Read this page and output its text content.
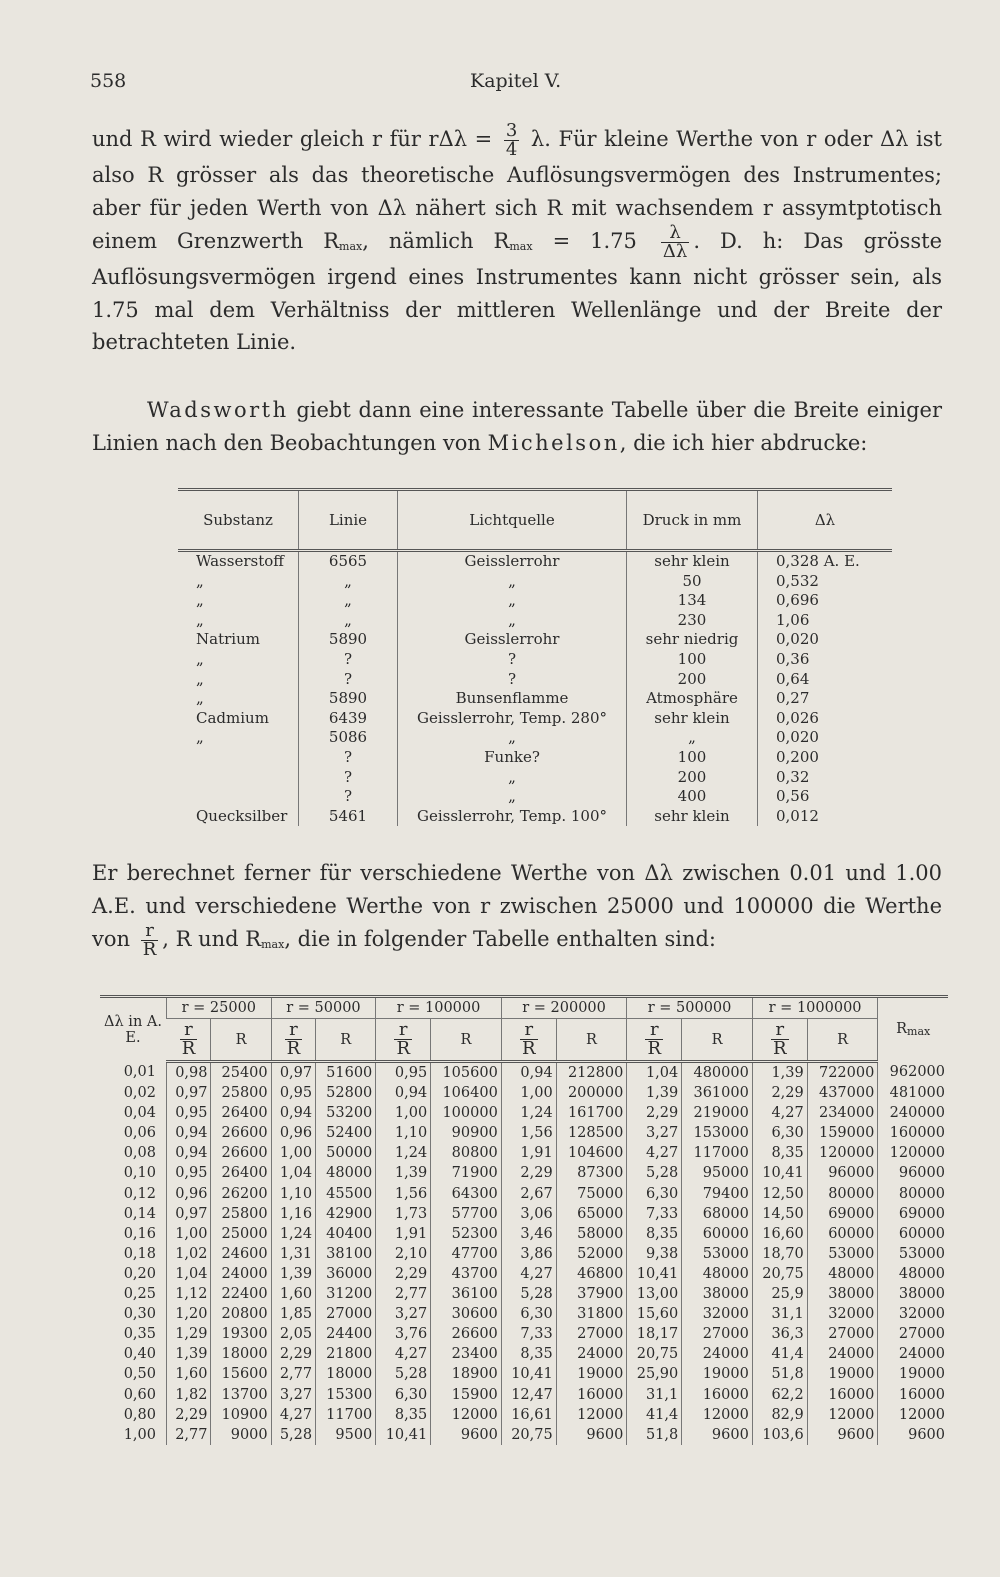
558	Kapitel V.
und R wird wieder gleich r für $r\Delta\lambda = \frac{3}{4} \lambda$. Für kleine Werthe von r oder Δλ ist also R grösser als das theoretische Auflösungsvermögen des Instrumentes; aber für jeden Werth von Δλ nähert sich R mit wachsendem r assymtptotisch einem Grenzwerth Rmax, nämlich $Rmax = 1.75 \frac{\lambda}{\Delta\lambda}$ . D. h: Das grösste Auflösungsvermögen irgend eines Instrumentes kann nicht grösser sein, als 1.75 mal dem Verhältniss der mittleren Wellenlänge und der Breite der betrachteten Linie.
Wadsworth giebt dann eine interessante Tabelle über die Breite einiger Linien nach den Beobachtungen von Michelson, die ich hier abdrucke:
Substanz	Linie	Lichtquelle	Druck in mm	Δλ
Wasserstoff	6565	Geisslerrohr	sehr klein	0,328 A. E.
„	„	„	50	0,532
„	„	„	134	0,696
„	„	„	230	1,06
Natrium	5890	Geisslerrohr	sehr niedrig	0,020
„	?	?	100	0,36
„	?	?	200	0,64
„	5890	Bunsenflamme	Atmosphäre	0,27
Cadmium	6439	Geisslerrohr, Temp. 280°	sehr klein	0,026
„	5086	„	„	0,020
	?	Funke?	100	0,200
	?	„	200	0,32
	?	„	400	0,56
Quecksilber	5461	Geisslerrohr, Temp. 100°	sehr klein	0,012
Er berechnet ferner für verschiedene Werthe von Δλ zwischen 0.01 und 1.00 A.E. und verschiedene Werthe von r zwischen 25000 und 100000 die Werthe von $\frac{r}{R}$ , R und Rmax, die in folgender Tabelle enthalten sind:
Δλ in A. E.	r = 25000		r = 50000		r = 100000		r = 200000		r = 500000		r = 1000000		Rmax

	$\frac{r}{R}$	R	$\frac{r}{R}$	R	$\frac{r}{R}$	R	$\frac{r}{R}$	R	$\frac{r}{R}$	R	$\frac{r}{R}$	R	
0,01	0,98	25400	0,97	51600	0,95	105600	0,94	212800	1,04	480000	1,39	722000	962000
0,02	0,97	25800	0,95	52800	0,94	106400	1,00	200000	1,39	361000	2,29	437000	481000
0,04	0,95	26400	0,94	53200	1,00	100000	1,24	161700	2,29	219000	4,27	234000	240000
0,06	0,94	26600	0,96	52400	1,10	90900	1,56	128500	3,27	153000	6,30	159000	160000
0,08	0,94	26600	1,00	50000	1,24	80800	1,91	104600	4,27	117000	8,35	120000	120000
0,10	0,95	26400	1,04	48000	1,39	71900	2,29	87300	5,28	95000	10,41	96000	96000
0,12	0,96	26200	1,10	45500	1,56	64300	2,67	75000	6,30	79400	12,50	80000	80000
0,14	0,97	25800	1,16	42900	1,73	57700	3,06	65000	7,33	68000	14,50	69000	69000
0,16	1,00	25000	1,24	40400	1,91	52300	3,46	58000	8,35	60000	16,60	60000	60000
0,18	1,02	24600	1,31	38100	2,10	47700	3,86	52000	9,38	53000	18,70	53000	53000
0,20	1,04	24000	1,39	36000	2,29	43700	4,27	46800	10,41	48000	20,75	48000	48000
0,25	1,12	22400	1,60	31200	2,77	36100	5,28	37900	13,00	38000	25,9	38000	38000
0,30	1,20	20800	1,85	27000	3,27	30600	6,30	31800	15,60	32000	31,1	32000	32000
0,35	1,29	19300	2,05	24400	3,76	26600	7,33	27000	18,17	27000	36,3	27000	27000
0,40	1,39	18000	2,29	21800	4,27	23400	8,35	24000	20,75	24000	41,4	24000	24000
0,50	1,60	15600	2,77	18000	5,28	18900	10,41	19000	25,90	19000	51,8	19000	19000
0,60	1,82	13700	3,27	15300	6,30	15900	12,47	16000	31,1	16000	62,2	16000	16000
0,80	2,29	10900	4,27	11700	8,35	12000	16,61	12000	41,4	12000	82,9	12000	12000
1,00	2,77	9000	5,28	9500	10,41	9600	20,75	9600	51,8	9600	103,6	9600	9600
